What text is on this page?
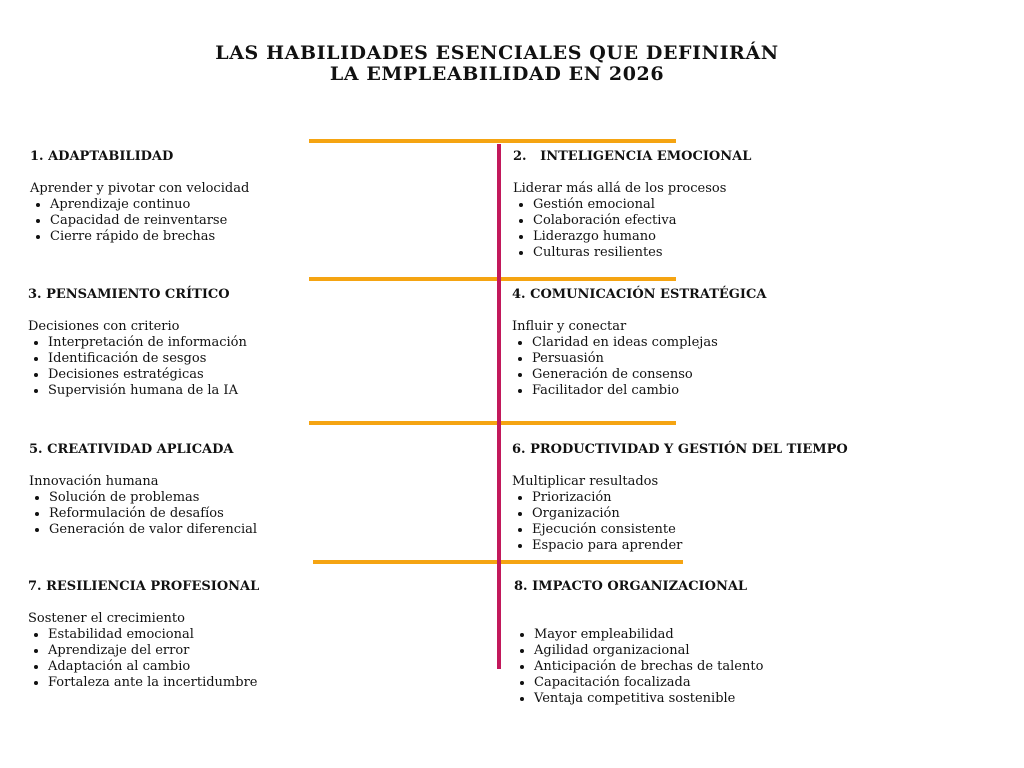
LAS HABILIDADES ESENCIALES QUE DEFINIRÁN
LA EMPLEABILIDAD EN 2026
1. ADAPTABILIDAD
Aprender y pivotar con velocidad
Aprendizaje continuo
Capacidad de reinventarse
Cierre rápido de brechas
2.   INTELIGENCIA EMOCIONAL
Liderar más allá de los procesos
Gestión emocional
Colaboración efectiva
Liderazgo humano
Culturas resilientes
3. PENSAMIENTO CRÍTICO
Decisiones con criterio
Interpretación de información
Identificación de sesgos
Decisiones estratégicas
Supervisión humana de la IA
4. COMUNICACIÓN ESTRATÉGICA
Influir y conectar
Claridad en ideas complejas
Persuasión
Generación de consenso
Facilitador del cambio
5. CREATIVIDAD APLICADA
Innovación humana
Solución de problemas
Reformulación de desafíos
Generación de valor diferencial
6. PRODUCTIVIDAD Y GESTIÓN DEL TIEMPO
Multiplicar resultados
Priorización
Organización
Ejecución consistente
Espacio para aprender
7. RESILIENCIA PROFESIONAL
Sostener el crecimiento
Estabilidad emocional
Aprendizaje del error
Adaptación al cambio
Fortaleza ante la incertidumbre
8. IMPACTO ORGANIZACIONAL
Mayor empleabilidad
Agilidad organizacional
Anticipación de brechas de talento
Capacitación focalizada
Ventaja competitiva sostenible
